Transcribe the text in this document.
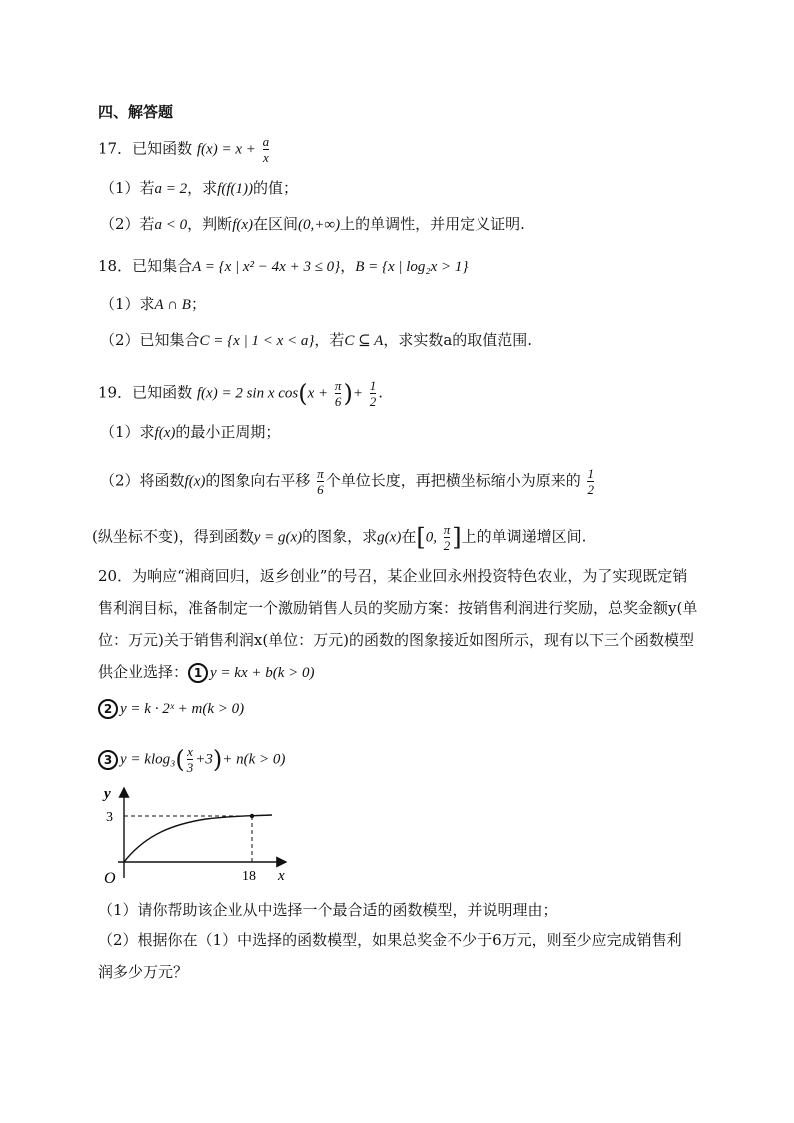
四、解答题
17．已知函数 $f(x) = x + \frac{a}{x}$
（1）若a = 2，求f(f(1))的值；
（2）若a < 0，判断f(x)在区间(0,+∞)上的单调性，并用定义证明.
18．已知集合A = {x | x² − 4x + 3 ≤ 0}，B = {x | log₂x > 1}
（1）求A ∩ B；
（2）已知集合C = {x | 1 < x < a}，若C ⊆ A，求实数a的取值范围.
19．已知函数 f(x) = 2 sin x $\cos(x + \frac{\pi}{6}$ )+ $\frac{1}{2}$ .
（1）求f(x)的最小正周期；
（2）将函数f(x)的图象向右平移 $\frac{\pi}{6}$ 个单位长度，再把横坐标缩小为原来的 $\frac{1}{2}$
(纵坐标不变)，得到函数y = g(x)的图象，求g(x)在[0, $\frac{\pi}{2}$ ]上的单调递增区间.
20．为响应“湘商回归，返乡创业”的号召，某企业回永州投资特色农业，为了实现既定销
售利润目标，准备制定一个激励销售人员的奖励方案：按销售利润进行奖励，总奖金额y(单
位：万元)关于销售利润x(单位：万元)的函数的图象接近如图所示，现有以下三个函数模型
供企业选择： 1 y = kx + b(k > 0)
2 y = k · 2ˣ + m(k > 0)
3 $y = klog_3( \frac{x}{3} +3)+ n(k > 0)$
y
x
O
3
18
（1）请你帮助该企业从中选择一个最合适的函数模型，并说明理由；
（2）根据你在（1）中选择的函数模型，如果总奖金不少于6万元，则至少应完成销售利
润多少万元？
